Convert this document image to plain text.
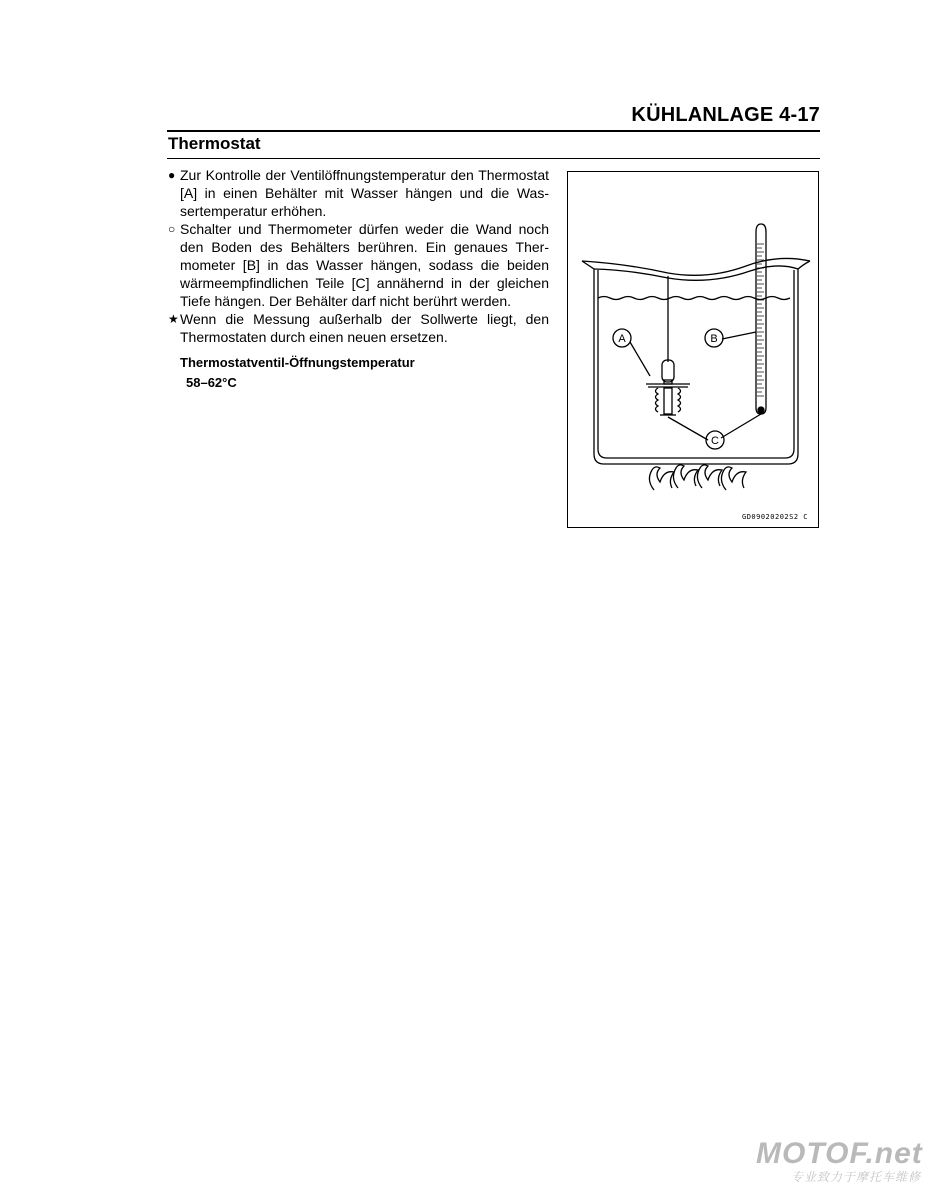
KÜHLANLAGE 4-17
Thermostat
● Zur Kontrolle der Ventilöffnungstemperatur den Thermostat [A] in einen Behälter mit Wasser hängen und die Wassertemperatur erhöhen.
○ Schalter und Thermometer dürfen weder die Wand noch den Boden des Behälters berühren. Ein genaues Thermometer [B] in das Wasser hängen, sodass die beiden wärmeempfindlichen Teile [C] annähernd in der gleichen Tiefe hängen. Der Behälter darf nicht berührt werden.
★ Wenn die Messung außerhalb der Sollwerte liegt, den Thermostaten durch einen neuen ersetzen.
Thermostatventil-Öffnungstemperatur
58–62°C
A	B
C
GD09020202S2 C
MOTOF.net
专业致力于摩托车维修
